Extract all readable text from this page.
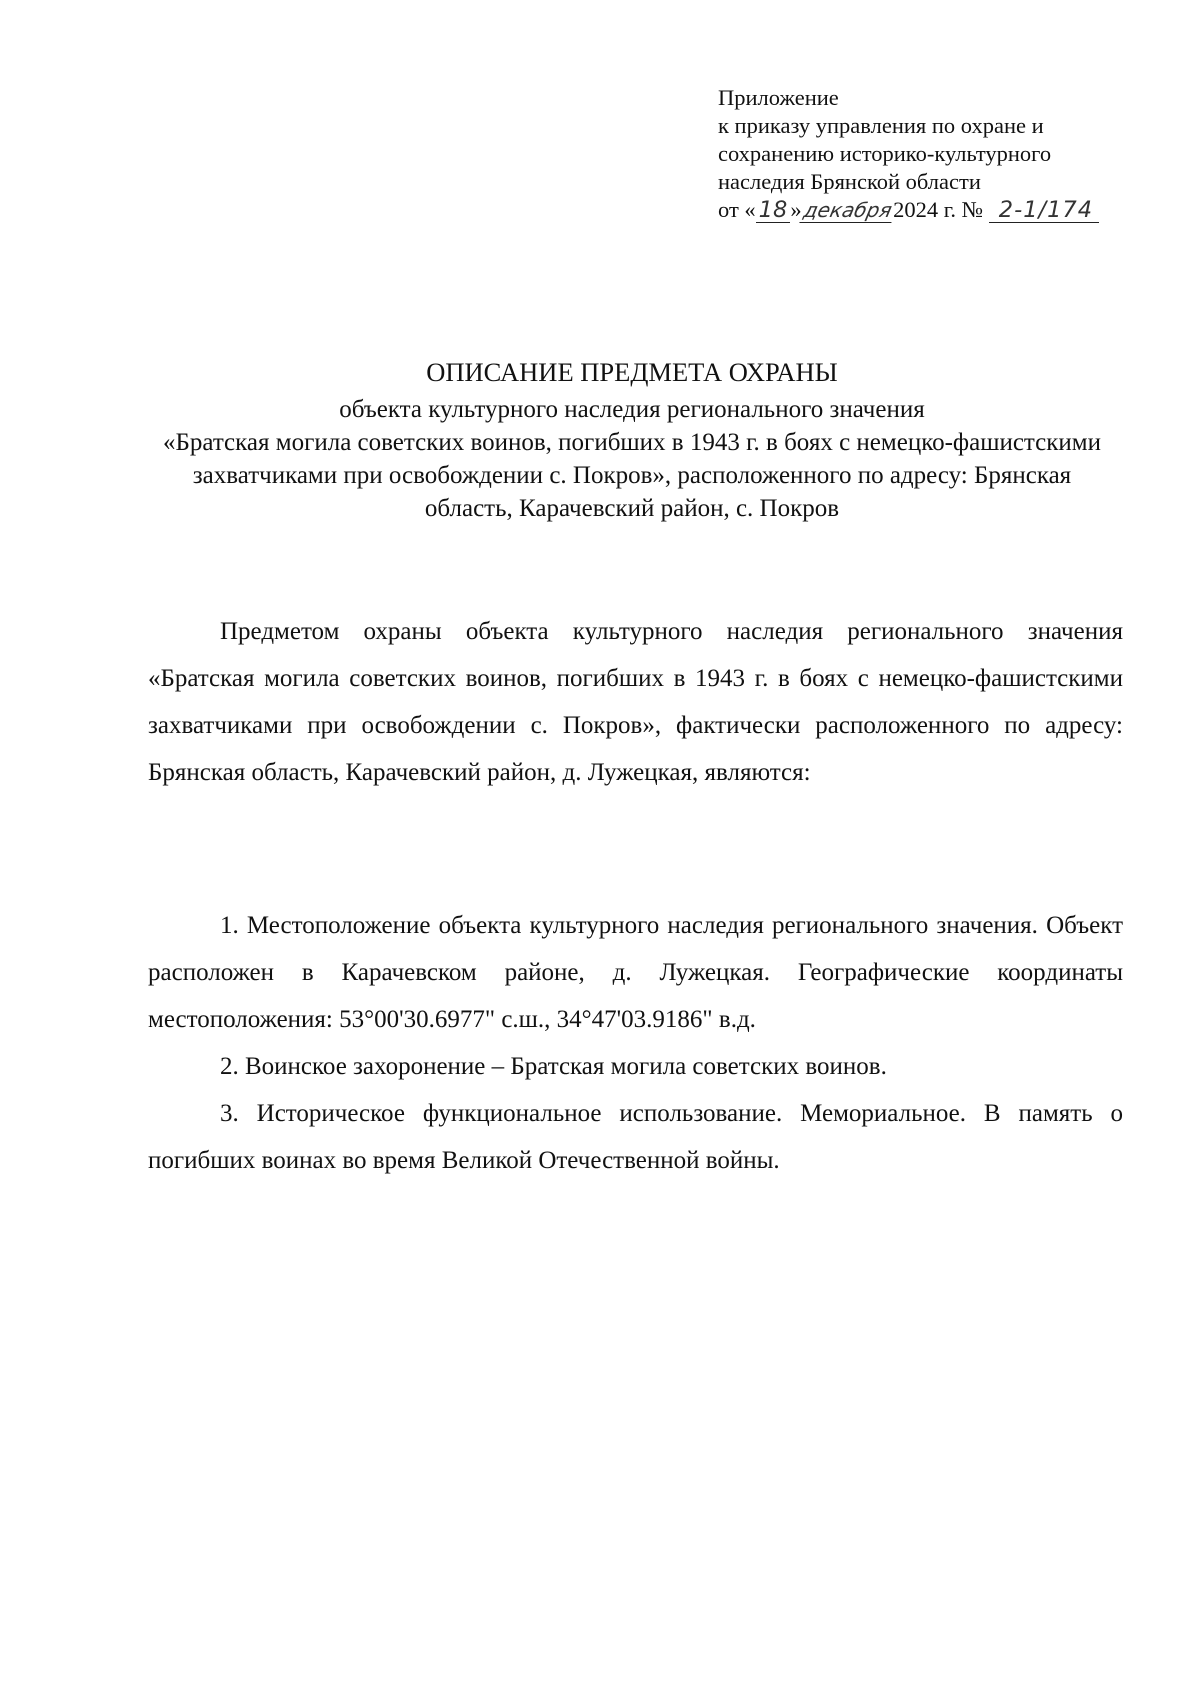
Приложение
к приказу управления по охране и
сохранению историко-культурного
наследия Брянской области
от « 18 »декабря2024 г. № 2-1/174
ОПИСАНИЕ ПРЕДМЕТА ОХРАНЫ
объекта культурного наследия регионального значения
«Братская могила советских воинов, погибших в 1943 г. в боях с немецко-фашистскими захватчиками при освобождении с. Покров», расположенного по адресу: Брянская область, Карачевский район, с. Покров

Предметом охраны объекта культурного наследия регионального значения «Братская могила советских воинов, погибших в 1943 г. в боях с немецко-фашистскими захватчиками при освобождении с. Покров», фактически расположенного по адресу: Брянская область, Карачевский район, д. Лужецкая, являются:

1. Местоположение объекта культурного наследия регионального значения. Объект расположен в Карачевском районе, д. Лужецкая. Географические координаты местоположения: 53°00'30.6977" с.ш., 34°47'03.9186" в.д.

2. Воинское захоронение – Братская могила советских воинов.

3. Историческое функциональное использование. Мемориальное. В память о погибших воинах во время Великой Отечественной войны.
